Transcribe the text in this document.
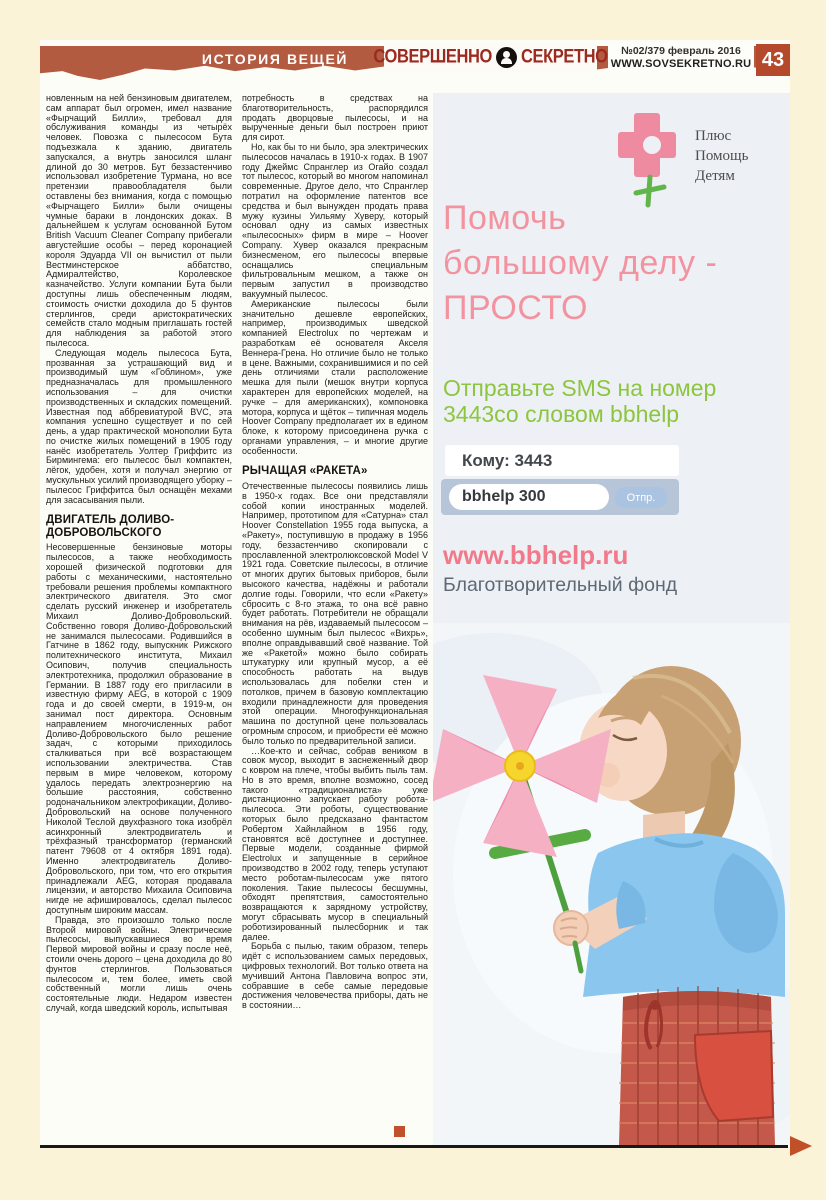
ИСТОРИЯ ВЕЩЕЙ	СОВЕРШЕННО СЕКРЕТНО №02/379 февраль 2016
WWW.SOVSEKRETNO.RU 43

новленным на ней бензиновым двигателем, сам аппарат был огромен, имел название «Фырчащий Билли», требовал для обслуживания команды из четырёх человек. Повозка с пылесосом Бута подъезжала к зданию, двигатель запускался, а внутрь заносился шланг длиной до 30 метров. Бут беззастенчиво использовал изобретение Турмана, но все претензии правообладателя были оставлены без внимания, когда с помощью «Фырчащего Билли» были очищены чумные бараки в лондонских доках. В дальнейшем к услугам основанной Бутом British Vacuum Cleaner Company прибегали августейшие особы – перед коронацией короля Эдуарда VII он вычистил от пыли Вестминстерское аббатство, Адмиралтейство, Королевское казначейство. Услуги компании Бута были доступны лишь обеспеченным людям, стоимость очистки доходила до 5 фунтов стерлингов, среди аристократических семейств стало модным приглашать гостей для наблюдения за работой этого пылесоса.

Следующая модель пылесоса Бута, прозванная за устрашающий вид и производимый шум «Гоблином», уже предназначалась для промышленного использования – для очистки производственных и складских помещений. Известная под аббревиатурой BVC, эта компания успешно существует и по сей день, а удар практической монополии Бута по очистке жилых помещений в 1905 году нанёс изобретатель Уолтер Гриффитс из Бирмингема: его пылесос был компактен, лёгок, удобен, хотя и получал энергию от мускульных усилий производящего уборку – пылесос Гриффитса был оснащён мехами для засасывания пыли.

ДВИГАТЕЛЬ ДОЛИВО-ДОБРОВОЛЬСКОГО

Несовершенные бензиновые моторы пылесосов, а также необходимость хорошей физической подготовки для работы с механическими, настоятельно требовали решения проблемы компактного электрического двигателя. Это смог сделать русский инженер и изобретатель Михаил Доливо-Добровольский. Собственно говоря Доливо-Добровольский не занимался пылесосами. Родившийся в Гатчине в 1862 году, выпускник Рижского политехнического института, Михаил Осипович, получив специальность электротехника, продолжил образование в Германии. В 1887 году его пригласили в известную фирму AEG, в которой с 1909 года и до своей смерти, в 1919-м, он занимал пост директора. Основным направлением многочисленных работ Доливо-Добровольского было решение задач, с которыми приходилось сталкиваться при всё возрастающем использовании электричества. Став первым в мире человеком, которому удалось передать электроэнергию на большие расстояния, собственно родоначальником электрофикации, Доливо-Добровольский на основе полученного Николой Теслой двухфазного тока изобрёл асинхронный электродвигатель и трёхфазный трансформатор (германский патент 79608 от 4 октября 1891 года). Именно электродвигатель Доливо-Добровольского, при том, что его открытия принадлежали AEG, которая продавала лицензии, и авторство Михаила Осиповича нигде не афишировалось, сделал пылесос доступным широким массам.

Правда, это произошло только после Второй мировой войны. Электрические пылесосы, выпускавшиеся во время Первой мировой войны и сразу после неё, стоили очень дорого – цена доходила до 80 фунтов стерлингов. Пользоваться пылесосом и, тем более, иметь свой собственный могли лишь очень состоятельные люди. Недаром известен случай, когда шведский король, испытывая

потребность в средствах на благотворительность, распорядился продать дворцовые пылесосы, и на вырученные деньги был построен приют для сирот.

Но, как бы то ни было, эра электрических пылесосов началась в 1910-х годах. В 1907 году Джеймс Спранглер из Огайо создал тот пылесос, который во многом напоминал современные. Другое дело, что Спранглер потратил на оформление патентов все средства и был вынужден продать права мужу кузины Уильяму Хуверу, который основал одну из самых известных «пылесосных» фирм в мире – Hoover Company. Хувер оказался прекрасным бизнесменом, его пылесосы впервые оснащались специальным фильтровальным мешком, а также он первым запустил в производство вакуумный пылесос.

Американские пылесосы были значительно дешевле европейских, например, производимых шведской компанией Electrolux по чертежам и разработкам её основателя Акселя Веннера-Грена. Но отличие было не только в цене. Важными, сохранившимися и по сей день отличиями стали расположение мешка для пыли (мешок внутри корпуса характерен для европейских моделей, на ручке – для американских), компоновка мотора, корпуса и щёток – типичная модель Hoover Company предполагает их в едином блоке, к которому присоединена ручка с органами управления, – и многие другие особенности.

РЫЧАЩАЯ «РАКЕТА»

Отечественные пылесосы появились лишь в 1950-х годах. Все они представляли собой копии иностранных моделей. Например, прототипом для «Сатурна» стал Hoover Constellation 1955 года выпуска, а «Ракету», поступившую в продажу в 1956 году, беззастенчиво скопировали с прославленной электролюксовской Model V 1921 года. Советские пылесосы, в отличие от многих других бытовых приборов, были высокого качества, надёжны и работали долгие годы. Говорили, что если «Ракету» сбросить с 8-го этажа, то она всё равно будет работать. Потребители не обращали внимания на рёв, издаваемый пылесосом – особенно шумным был пылесос «Вихрь», вполне оправдывавший своё название. Той же «Ракетой» можно было собирать штукатурку или крупный мусор, а её способность работать на выдув использовалась для побелки стен и потолков, причем в базовую комплектацию входили принадлежности для проведения этой операции. Многофункциональная машина по доступной цене пользовалась огромным спросом, и приобрести её можно было только по предварительной записи.

…Кое-кто и сейчас, собрав веником в совок мусор, выходит в заснеженный двор с ковром на плече, чтобы выбить пыль там. Но в это время, вполне возможно, сосед такого «традиционалиста» уже дистанционно запускает работу робота-пылесоса. Эти роботы, существование которых было предсказано фантастом Робертом Хайнлайном в 1956 году, становятся всё доступнее и доступнее. Первые модели, созданные фирмой Electrolux и запущенные в серийное производство в 2002 году, теперь уступают место роботам-пылесосам уже пятого поколения. Такие пылесосы бесшумны, обходят препятствия, самостоятельно возвращаются к зарядному устройству, могут сбрасывать мусор в специальный роботизированный пылесборник и так далее.

Борьба с пылью, таким образом, теперь идёт с использованием самых передовых, цифровых технологий. Вот только ответа на мучивший Антона Павловича вопрос эти, собравшие в себе самые передовые достижения человечества приборы, дать не в состоянии…

Плюс
Помощь
Детям
Помочь
большому делу -
ПРОСТО
Отправьте SMS на номер
3443со словом bbhelp
Кому: 3443
bbhelp 300	Отпр.
www.bbhelp.ru
Благотворительный фонд
